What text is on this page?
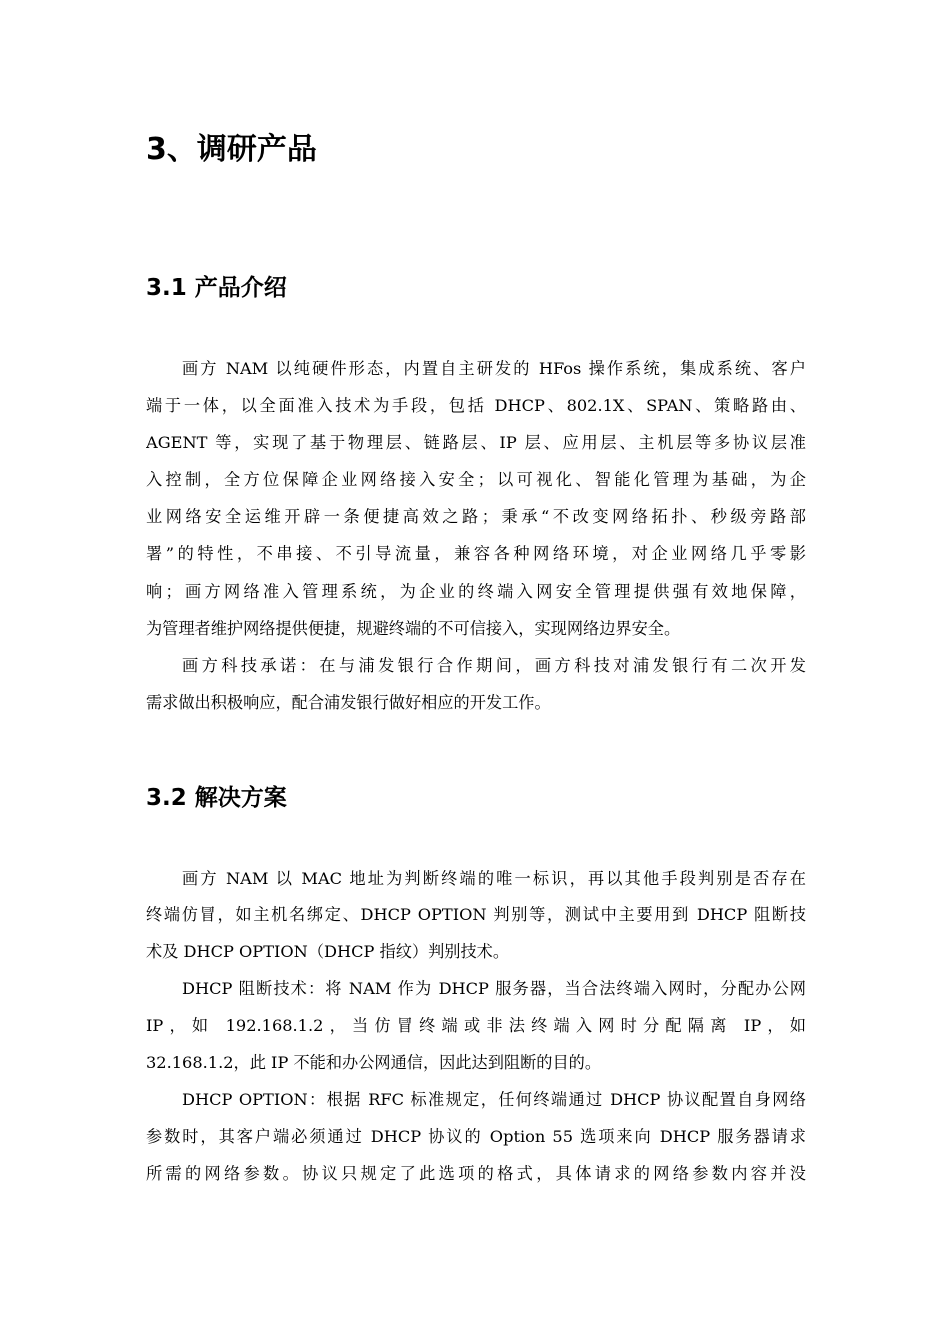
3、调研产品
3.1 产品介绍
画方 NAM 以纯硬件形态，内置自主研发的 HFos 操作系统，集成系统、客户
端于一体，以全面准入技术为手段，包括 DHCP、802.1X、SPAN、策略路由、
AGENT 等，实现了基于物理层、链路层、IP 层、应用层、主机层等多协议层准
入控制，全方位保障企业网络接入安全；以可视化、智能化管理为基础，为企
业网络安全运维开辟一条便捷高效之路；秉承“不改变网络拓扑、秒级旁路部
署”的特性，不串接、不引导流量，兼容各种网络环境，对企业网络几乎零影
响；画方网络准入管理系统，为企业的终端入网安全管理提供强有效地保障，
为管理者维护网络提供便捷，规避终端的不可信接入，实现网络边界安全。
画方科技承诺：在与浦发银行合作期间，画方科技对浦发银行有二次开发
需求做出积极响应，配合浦发银行做好相应的开发工作。
3.2 解决方案
画方 NAM 以 MAC 地址为判断终端的唯一标识，再以其他手段判别是否存在
终端仿冒，如主机名绑定、DHCP OPTION 判别等，测试中主要用到 DHCP 阻断技
术及 DHCP OPTION（DHCP 指纹）判别技术。
DHCP 阻断技术：将 NAM 作为 DHCP 服务器，当合法终端入网时，分配办公网
IP，如 192.168.1.2，当仿冒终端或非法终端入网时分配隔离 IP，如
32.168.1.2，此 IP 不能和办公网通信，因此达到阻断的目的。
DHCP OPTION：根据 RFC 标准规定，任何终端通过 DHCP 协议配置自身网络
参数时，其客户端必须通过 DHCP 协议的 Option 55 选项来向 DHCP 服务器请求
所需的网络参数。协议只规定了此选项的格式，具体请求的网络参数内容并没
